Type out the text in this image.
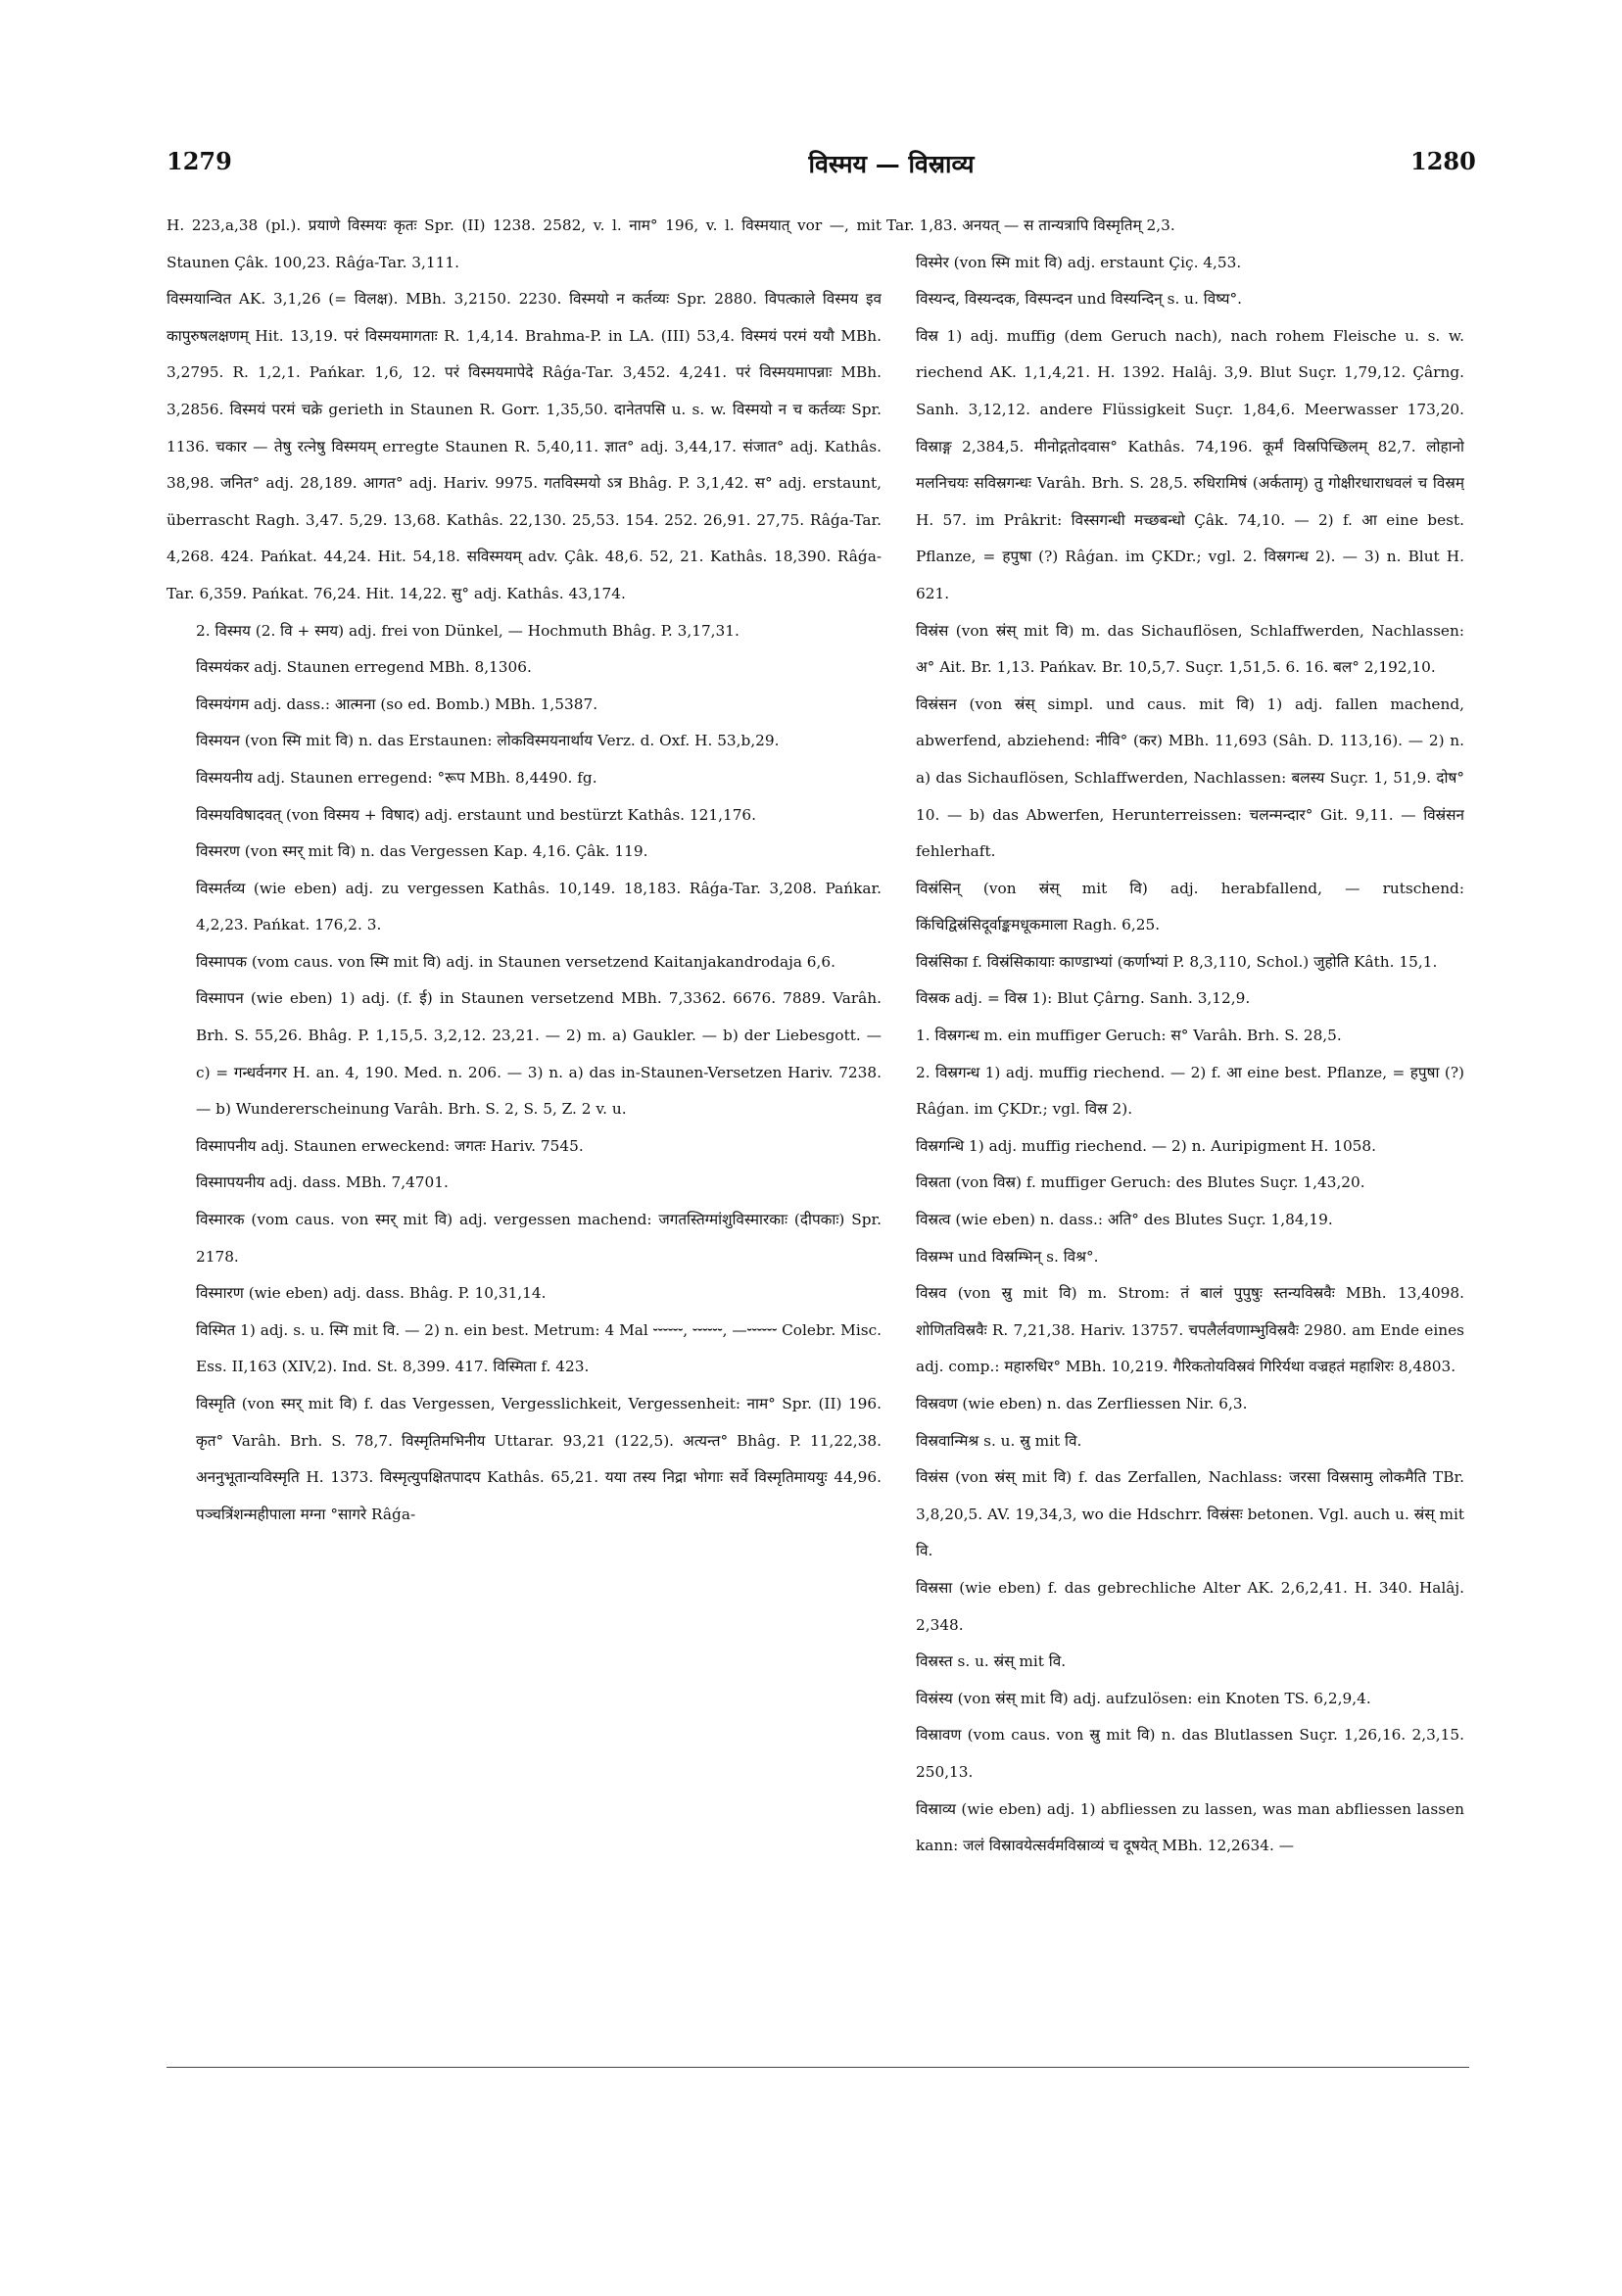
1279	विस्मय — विस्राव्य	1280

H. 223,a,38 (pl.). प्रयाणे विस्मयः कृतः Spr. (II) 1238. 2582, v. l. नाम° 196, v. l. विस्मयात् vor —, mit Staunen Çâk. 100,23. Râǵa-Tar. 3,111.

विस्मयान्वित AK. 3,1,26 (= विलक्ष). MBh. 3,2150. 2230. विस्मयो न कर्तव्यः Spr. 2880. विपत्काले विस्मय इव कापुरुषलक्षणम् Hit. 13,19. परं विस्मयमागताः R. 1,4,14. Brahma-P. in LA. (III) 53,4. विस्मयं परमं ययौ MBh. 3,2795. R. 1,2,1. Pańkar. 1,6, 12. परं विस्मयमापेदे Râǵa-Tar. 3,452. 4,241. परं विस्मयमापन्नाः MBh. 3,2856. विस्मयं परमं चक्रे gerieth in Staunen R. Gorr. 1,35,50. दानेतपसि u. s. w. विस्मयो न च कर्तव्यः Spr. 1136. चकार — तेषु रत्नेषु विस्मयम् erregte Staunen R. 5,40,11. ज्ञात° adj. 3,44,17. संजात° adj. Kathâs. 38,98. जनित° adj. 28,189. आगत° adj. Hariv. 9975. गतविस्मयो ऽत्र Bhâg. P. 3,1,42. स° adj. erstaunt, überrascht Ragh. 3,47. 5,29. 13,68. Kathâs. 22,130. 25,53. 154. 252. 26,91. 27,75. Râǵa-Tar. 4,268. 424. Pańkat. 44,24. Hit. 54,18. सविस्मयम् adv. Çâk. 48,6. 52, 21. Kathâs. 18,390. Râǵa-Tar. 6,359. Pańkat. 76,24. Hit. 14,22. सु° adj. Kathâs. 43,174.

2. विस्मय (2. वि + स्मय) adj. frei von Dünkel, — Hochmuth Bhâg. P. 3,17,31.

विस्मयंकर adj. Staunen erregend MBh. 8,1306.

विस्मयंगम adj. dass.: आत्मना (so ed. Bomb.) MBh. 1,5387.

विस्मयन (von स्मि mit वि) n. das Erstaunen: लोकविस्मयनार्थाय Verz. d. Oxf. H. 53,b,29.

विस्मयनीय adj. Staunen erregend: °रूप MBh. 8,4490. fg.

विस्मयविषादवत् (von विस्मय + विषाद) adj. erstaunt und bestürzt Kathâs. 121,176.

विस्मरण (von स्मर् mit वि) n. das Vergessen Kap. 4,16. Çâk. 119.

विस्मर्तव्य (wie eben) adj. zu vergessen Kathâs. 10,149. 18,183. Râǵa-Tar. 3,208. Pańkar. 4,2,23. Pańkat. 176,2. 3.

विस्मापक (vom caus. von स्मि mit वि) adj. in Staunen versetzend Kaitanjakandrodaja 6,6.

विस्मापन (wie eben) 1) adj. (f. ई) in Staunen versetzend MBh. 7,3362. 6676. 7889. Varâh. Brh. S. 55,26. Bhâg. P. 1,15,5. 3,2,12. 23,21. — 2) m. a) Gaukler. — b) der Liebesgott. — c) = गन्धर्वनगर H. an. 4, 190. Med. n. 206. — 3) n. a) das in-Staunen-Versetzen Hariv. 7238. — b) Wundererscheinung Varâh. Brh. S. 2, S. 5, Z. 2 v. u.

विस्मापनीय adj. Staunen erweckend: जगतः Hariv. 7545.

विस्मापयनीय adj. dass. MBh. 7,4701.

विस्मारक (vom caus. von स्मर् mit वि) adj. vergessen machend: जगतस्तिग्मांशुविस्मारकाः (दीपकाः) Spr. 2178.

विस्मारण (wie eben) adj. dass. Bhâg. P. 10,31,14.

विस्मित 1) adj. s. u. स्मि mit वि. — 2) n. ein best. Metrum: 4 Mal ⏑⏑⏑⏑⏑⏑, ⏑⏑⏑⏑⏑⏑, —⏑⏑⏑⏑⏑⏑ Colebr. Misc. Ess. II,163 (XIV,2). Ind. St. 8,399. 417. विस्मिता f. 423.

विस्मृति (von स्मर् mit वि) f. das Vergessen, Vergesslichkeit, Vergessenheit: नाम° Spr. (II) 196. कृत° Varâh. Brh. S. 78,7. विस्मृतिमभिनीय Uttarar. 93,21 (122,5). अत्यन्त° Bhâg. P. 11,22,38. अननुभूतान्यविस्मृति H. 1373. विस्मृत्युपक्षितपादप Kathâs. 65,21. यया तस्य निद्रा भोगाः सर्वे विस्मृतिमाययुः 44,96. पञ्चत्रिंशन्महीपाला मग्ना °सागरे Râǵa-

Tar. 1,83. अनयत् — स तान्यत्रापि विस्मृतिम् 2,3.

विस्मेर (von स्मि mit वि) adj. erstaunt Çiç. 4,53.

विस्यन्द, विस्यन्दक, विस्पन्दन und विस्यन्दिन् s. u. विष्य°.

विस्र 1) adj. muffig (dem Geruch nach), nach rohem Fleische u. s. w. riechend AK. 1,1,4,21. H. 1392. Halâj. 3,9. Blut Suçr. 1,79,12. Çârng. Sanh. 3,12,12. andere Flüssigkeit Suçr. 1,84,6. Meerwasser 173,20. विस्राङ्ग 2,384,5. मीनोद्गतोदवास° Kathâs. 74,196. कूर्मं विस्रपिच्छिलम् 82,7. लोहानो मलनिचयः सविस्रगन्धः Varâh. Brh. S. 28,5. रुधिरामिषं (अर्कतामृ) तु गोक्षीरधाराधवलं च विस्रम् H. 57. im Prâkrit: विस्सगन्धी मच्छबन्धो Çâk. 74,10. — 2) f. आ eine best. Pflanze, = हपुषा (?) Râǵan. im ÇKDr.; vgl. 2. विस्रगन्ध 2). — 3) n. Blut H. 621.

विस्रंस (von स्रंस् mit वि) m. das Sichauflösen, Schlaffwerden, Nachlassen: अ° Ait. Br. 1,13. Pańkav. Br. 10,5,7. Suçr. 1,51,5. 6. 16. बल° 2,192,10.

विस्रंसन (von स्रंस् simpl. und caus. mit वि) 1) adj. fallen machend, abwerfend, abziehend: नीवि° (कर) MBh. 11,693 (Sâh. D. 113,16). — 2) n. a) das Sichauflösen, Schlaffwerden, Nachlassen: बलस्य Suçr. 1, 51,9. दोष° 10. — b) das Abwerfen, Herunterreissen: चलन्मन्दार° Git. 9,11. — विस्रंसन fehlerhaft.

विस्रंसिन् (von स्रंस् mit वि) adj. herabfallend, — rutschend: किंचिद्विस्रंसिदूर्वाङ्कमधूकमाला Ragh. 6,25.

विस्रंसिका f. विस्रंसिकायाः काण्डाभ्यां (कर्णाभ्यां P. 8,3,110, Schol.) जुहोति Kâth. 15,1.

विस्रक adj. = विस्र 1): Blut Çârng. Sanh. 3,12,9.

1. विस्रगन्ध m. ein muffiger Geruch: स° Varâh. Brh. S. 28,5.

2. विस्रगन्ध 1) adj. muffig riechend. — 2) f. आ eine best. Pflanze, = हपुषा (?) Râǵan. im ÇKDr.; vgl. विस्र 2).

विस्रगन्धि 1) adj. muffig riechend. — 2) n. Auripigment H. 1058.

विस्रता (von विस्र) f. muffiger Geruch: des Blutes Suçr. 1,43,20.

विस्रत्व (wie eben) n. dass.: अति° des Blutes Suçr. 1,84,19.

विस्रम्भ und विस्रम्भिन् s. विश्र°.

विस्रव (von स्रु mit वि) m. Strom: तं बालं पुपुषुः स्तन्यविस्रवैः MBh. 13,4098. शोणितविस्रवैः R. 7,21,38. Hariv. 13757. चपलैर्लवणाम्भुविस्रवैः 2980. am Ende eines adj. comp.: महारुधिर° MBh. 10,219. गैरिकतोयविस्रवं गिरिर्यथा वज्रहतं महाशिरः 8,4803.

विस्रवण (wie eben) n. das Zerfliessen Nir. 6,3.

विस्रवान्मिश्र s. u. स्रु mit वि.

विस्रंस (von स्रंस् mit वि) f. das Zerfallen, Nachlass: जरसा विस्रसामु लोकमैति TBr. 3,8,20,5. AV. 19,34,3, wo die Hdschrr. विस्रंसः betonen. Vgl. auch u. स्रंस् mit वि.

विस्रसा (wie eben) f. das gebrechliche Alter AK. 2,6,2,41. H. 340. Halâj. 2,348.

विस्रस्त s. u. स्रंस् mit वि.

विस्रंस्य (von स्रंस् mit वि) adj. aufzulösen: ein Knoten TS. 6,2,9,4.

विस्रावण (vom caus. von स्रु mit वि) n. das Blutlassen Suçr. 1,26,16. 2,3,15. 250,13.

विस्राव्य (wie eben) adj. 1) abfliessen zu lassen, was man abfliessen lassen kann: जलं विस्रावयेत्सर्वमविस्राव्यं च दूषयेत् MBh. 12,2634. —
